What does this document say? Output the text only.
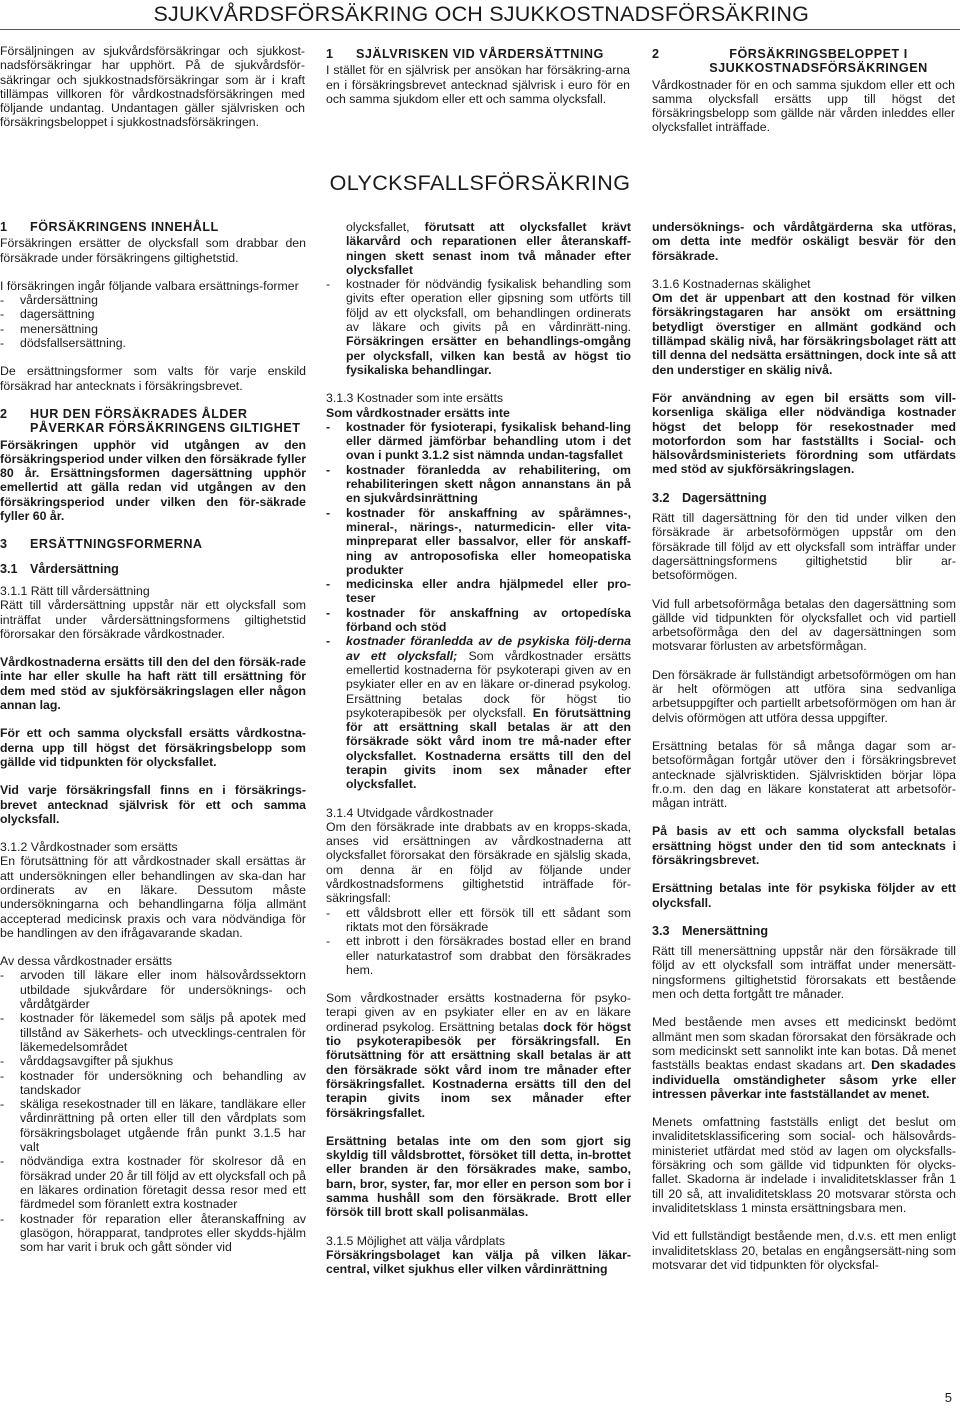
SJUKVÅRDSFÖRSÄKRING OCH SJUKKOSTNADSFÖRSÄKRING

Försäljningen av sjukvårdsförsäkringar och sjukkost-nadsförsäkringar har upphört. På de sjukvårdsför-säkringar och sjukkostnadsförsäkringar som är i kraft tillämpas villkoren för vårdkostnadsförsäkringen med följande undantag. Undantagen gäller självrisken och försäkringsbeloppet i sjukkostnadsförsäkringen.

1	SJÄLVRISKEN VID VÅRDERSÄTTNING

I stället för en självrisk per ansökan har försäkring-arna en i försäkringsbrevet antecknad självrisk i euro för en och samma sjukdom eller ett och samma olycksfall.

2	FÖRSÄKRINGSBELOPPET I SJUKKOSTNADSFÖRSÄKRINGEN

Vårdkostnader för en och samma sjukdom eller ett och samma olycksfall ersätts upp till högst det försäkringsbelopp som gällde när vården inleddes eller olycksfallet inträffade.

OLYCKSFALLSFÖRSÄKRING
1	FÖRSÄKRINGENS INNEHÅLL

Försäkringen ersätter de olycksfall som drabbar den försäkrade under försäkringens giltighetstid.

I försäkringen ingår följande valbara ersättnings-former

- vårdersättning
- dagersättning
- menersättning
- dödsfallsersättning.

De ersättningsformer som valts för varje enskild försäkrad har antecknats i försäkringsbrevet.

2	HUR DEN FÖRSÄKRADES ÅLDER PÅVERKAR FÖRSÄKRINGENS GILTIGHET

Försäkringen upphör vid utgången av den försäkringsperiod under vilken den försäkrade fyller 80 år. Ersättningsformen dagersättning upphör emellertid att gälla redan vid utgången av den försäkringsperiod under vilken den för-säkrade fyller 60 år.

3	ERSÄTTNINGSFORMERNA
3.1 Vårdersättning
3.1.1 Rätt till vårdersättning

Rätt till vårdersättning uppstår när ett olycksfall som inträffat under vårdersättningsformens giltighetstid förorsakar den försäkrade vårdkostnader.

Vårdkostnaderna ersätts till den del den försäk-rade inte har eller skulle ha haft rätt till ersättning för dem med stöd av sjukförsäkringslagen eller någon annan lag.

För ett och samma olycksfall ersätts vårdkostna-derna upp till högst det försäkringsbelopp som gällde vid tidpunkten för olycksfallet.

Vid varje försäkringsfall finns en i försäkrings-brevet antecknad självrisk för ett och samma olycksfall.

3.1.2 Vårdkostnader som ersätts

En förutsättning för att vårdkostnader skall ersättas är att undersökningen eller behandlingen av ska-dan har ordinerats av en läkare. Dessutom måste undersökningarna och behandlingarna följa allmänt accepterad medicinsk praxis och vara nödvändiga för be handlingen av den ifrågavarande skadan.

Av dessa vårdkostnader ersätts
- arvoden till läkare eller inom hälsovårdssektorn utbildade sjukvårdare för undersöknings- och vårdåtgärder
- kostnader för läkemedel som säljs på apotek med tillstånd av Säkerhets- och utvecklings-centralen för läkemedelsområdet
- vårddagsavgifter på sjukhus
- kostnader för undersökning och behandling av tandskador
- skäliga resekostnader till en läkare, tandläkare eller vårdinrättning på orten eller till den vårdplats som försäkringsbolaget utgående från punkt 3.1.5 har valt
- nödvändiga extra kostnader för skolresor då en försäkrad under 20 år till följd av ett olycksfall och på en läkares ordination företagit dessa resor med ett färdmedel som föranlett extra kostnader
- kostnader för reparation eller återanskaffning av glasögon, hörapparat, tandprotes eller skydds-hjälm som har varit i bruk och gått sönder vid

olycksfallet, förutsatt att olycksfallet krävt läkarvård och reparationen eller återanskaff-ningen skett senast inom två månader efter olycksfallet

- kostnader för nödvändig fysikalisk behandling som givits efter operation eller gipsning som utförts till följd av ett olycksfall, om behandlingen ordinerats av läkare och givits på en vårdinrätt-ning. Försäkringen ersätter en behandlings-omgång per olycksfall, vilken kan bestå av högst tio fysikaliska behandlingar.
3.1.3 Kostnader som inte ersätts
Som vårdkostnader ersätts inte
- kostnader för fysioterapi, fysikalisk behand-ling eller därmed jämförbar behandling utom i det ovan i punkt 3.1.2 sist nämnda undan-tagsfallet
- kostnader föranledda av rehabilitering, om rehabiliteringen skett någon annanstans än på en sjukvårdsinrättning
- kostnader för anskaffning av spårämnes-, mineral-, närings-, naturmedicin- eller vita-minpreparat eller bassalvor, eller för anskaff-ning av antroposofiska eller homeopatiska produkter
- medicinska eller andra hjälpmedel eller pro-teser
- kostnader för anskaffning av ortopedíska förband och stöd
- kostnader föranledda av de psykiska följ-derna av ett olycksfall; Som vårdkostnader ersätts emellertid kostnaderna för psykoterapi given av en psykiater eller en av en läkare or-dinerad psykolog. Ersättning betalas dock för högst tio psykoterapibesök per olycksfall. En förutsättning för att ersättning skall betalas är att den försäkrade sökt vård inom tre må-nader efter olycksfallet. Kostnaderna ersätts till den del terapin givits inom sex månader efter olycksfallet.
3.1.4 Utvidgade vårdkostnader

Om den försäkrade inte drabbats av en kropps-skada, anses vid ersättningen av vårdkostnaderna att olycksfallet förorsakat den försäkrade en själslig skada, om denna är en följd av följande under vårdkostnadsformens giltighetstid inträffade för-säkringsfall:

- ett våldsbrott eller ett försök till ett sådant som riktats mot den försäkrade
- ett inbrott i den försäkrades bostad eller en brand eller naturkatastrof som drabbat den försäkrades hem.

Som vårdkostnader ersätts kostnaderna för psyko-terapi given av en psykiater eller en av en läkare ordinerad psykolog. Ersättning betalas dock för högst tio psykoterapibesök per försäkringsfall. En förutsättning för att ersättning skall betalas är att den försäkrade sökt vård inom tre månader efter försäkringsfallet. Kostnaderna ersätts till den del terapin givits inom sex månader efter försäkringsfallet.

Ersättning betalas inte om den som gjort sig skyldig till våldsbrottet, försöket till detta, in-brottet eller branden är den försäkrades make, sambo, barn, bror, syster, far, mor eller en person som bor i samma hushåll som den försäkrade. Brott eller försök till brott skall polisanmälas.

3.1.5 Möjlighet att välja vårdplats

Försäkringsbolaget kan välja på vilken läkar-central, vilket sjukhus eller vilken vårdinrättning

undersöknings- och vårdåtgärderna ska utföras, om detta inte medför oskäligt besvär för den försäkrade.

3.1.6 Kostnadernas skälighet

Om det är uppenbart att den kostnad för vilken försäkringstagaren har ansökt om ersättning betydligt överstiger en allmänt godkänd och tillämpad skälig nivå, har försäkringsbolaget rätt att till denna del nedsätta ersättningen, dock inte så att den understiger en skälig nivå.

För användning av egen bil ersätts som vill-korsenliga skäliga eller nödvändiga kostnader högst det belopp för resekostnader med motorfordon som har fastställts i Social- och hälsovårdsministeriets förordning som utfärdats med stöd av sjukförsäkringslagen.

3.2 Dagersättning

Rätt till dagersättning för den tid under vilken den försäkrade är arbetsoförmögen uppstår om den försäkrade till följd av ett olycksfall som inträffar under dagersättningsformens giltighetstid blir ar-betsoförmögen.

Vid full arbetsoförmåga betalas den dagersättning som gällde vid tidpunkten för olycksfallet och vid partiell arbetsoförmåga den del av dagersättningen som motsvarar förlusten av arbetsförmågan.

Den försäkrade är fullständigt arbetsoförmögen om han är helt oförmögen att utföra sina sedvanliga arbetsuppgifter och partiellt arbetsoförmögen om han är delvis oförmögen att utföra dessa uppgifter.

Ersättning betalas för så många dagar som ar-betsoförmågan fortgår utöver den i försäkringsbrevet antecknade självrisktiden. Självrisktiden börjar löpa fr.o.m. den dag en läkare konstaterat att arbetsoför-mågan inträtt.

På basis av ett och samma olycksfall betalas ersättning högst under den tid som antecknats i försäkringsbrevet.

Ersättning betalas inte för psykiska följder av ett olycksfall.

3.3 Menersättning

Rätt till menersättning uppstår när den försäkrade till följd av ett olycksfall som inträffat under menersätt-ningsformens giltighetstid förorsakats ett bestående men och detta fortgått tre månader.

Med bestående men avses ett medicinskt bedömt allmänt men som skadan förorsakat den försäkrade och som medicinskt sett sannolikt inte kan botas. Då menet fastställs beaktas endast skadans art. Den skadades individuella omständigheter såsom yrke eller intressen påverkar inte fastställandet av menet.

Menets omfattning fastställs enligt det beslut om invaliditetsklassificering som social- och hälsovårds-ministeriet utfärdat med stöd av lagen om olycksfalls-försäkring och som gällde vid tidpunkten för olycks-fallet. Skadorna är indelade i invaliditetsklasser från 1 till 20 så, att invaliditetsklass 20 motsvarar största och invaliditetsklass 1 minsta ersättningsbara men.

Vid ett fullständigt bestående men, d.v.s. ett men enligt invaliditetsklass 20, betalas en engångsersätt-ning som motsvarar det vid tidpunkten för olycksfal-

5
